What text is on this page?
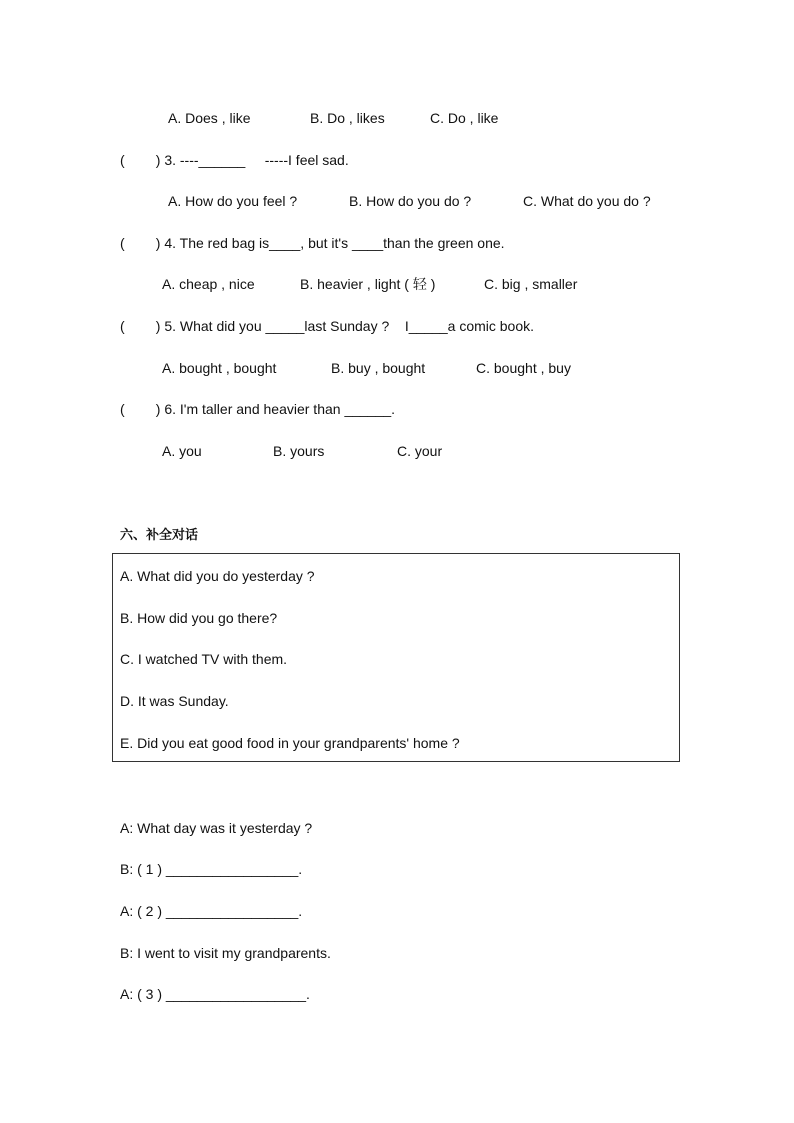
A. Does , like	B. Do , likes	C. Do , like
(        ) 3. ----______     -----I feel sad.
A. How do you feel ?	B. How do you do ?	C. What do you do ?
(        ) 4. The red bag is____, but it's ____than the green one.
A. cheap , nice	B. heavier , light ( 轻 )	C. big , smaller
(        ) 5. What did you _____last Sunday ?    I_____a comic book.
A. bought , bought	B. buy , bought	C. bought , buy
(        ) 6. I'm taller and heavier than ______.
A. you	B. yours	C. your
六、补全对话
A. What did you do yesterday ?
B. How did you go there?
C. I watched TV with them.
D. It was Sunday.
E. Did you eat good food in your grandparents' home ?
A: What day was it yesterday ?
B: ( 1 ) _________________.
A: ( 2 ) _________________.
B: I went to visit my grandparents.
A: ( 3 ) __________________.
